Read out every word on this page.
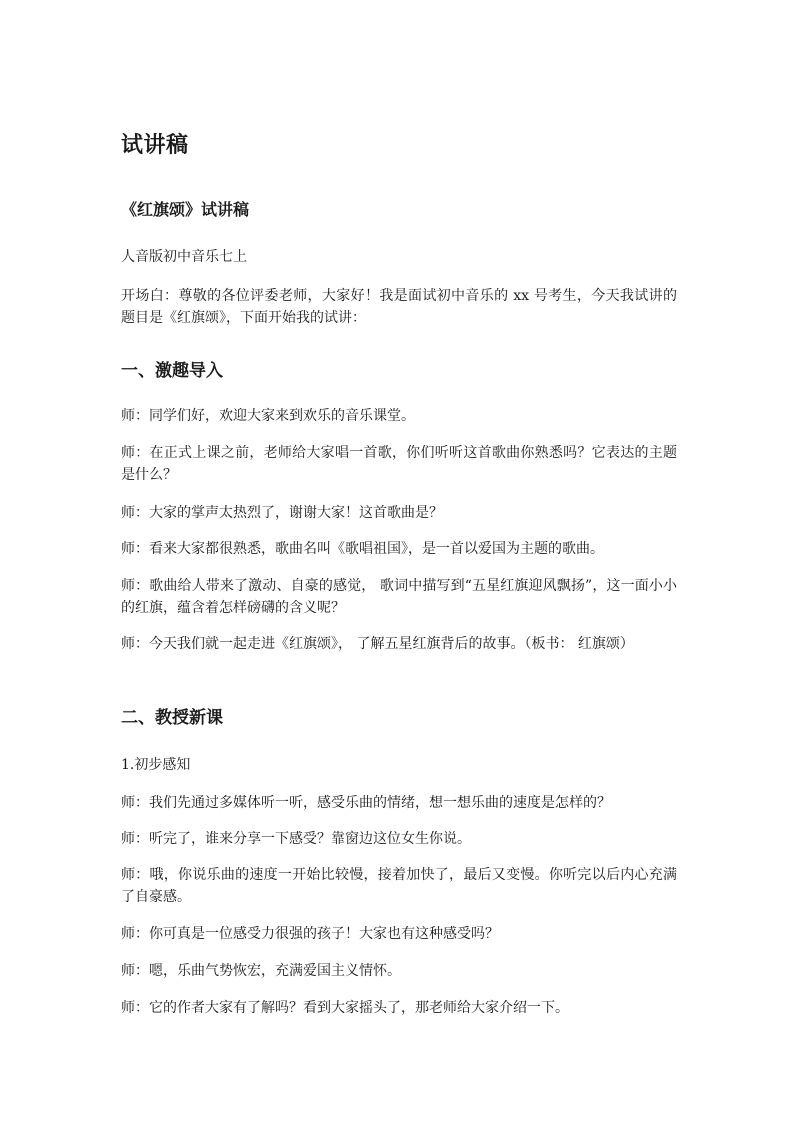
试讲稿
《红旗颂》试讲稿

人音版初中音乐七上

开场白：尊敬的各位评委老师，大家好！我是面试初中音乐的 xx 号考生，今天我试讲的题目是《红旗颂》，下面开始我的试讲：

一、激趣导入

师：同学们好，欢迎大家来到欢乐的音乐课堂。

师：在正式上课之前，老师给大家唱一首歌，你们听听这首歌曲你熟悉吗？它表达的主题是什么？

师：大家的掌声太热烈了，谢谢大家！这首歌曲是？

师：看来大家都很熟悉，歌曲名叫《歌唱祖国》，是一首以爱国为主题的歌曲。

师：歌曲给人带来了激动、自豪的感觉， 歌词中描写到“五星红旗迎风飘扬”，这一面小小的红旗，蕴含着怎样磅礴的含义呢？

师：今天我们就一起走进《红旗颂》， 了解五星红旗背后的故事。（板书： 红旗颂）

二、教授新课

1.初步感知

师：我们先通过多媒体听一听，感受乐曲的情绪，想一想乐曲的速度是怎样的？

师：听完了，谁来分享一下感受？靠窗边这位女生你说。

师：哦，你说乐曲的速度一开始比较慢，接着加快了，最后又变慢。你听完以后内心充满了自豪感。

师：你可真是一位感受力很强的孩子！大家也有这种感受吗？

师：嗯，乐曲气势恢宏，充满爱国主义情怀。

师：它的作者大家有了解吗？看到大家摇头了，那老师给大家介绍一下。
